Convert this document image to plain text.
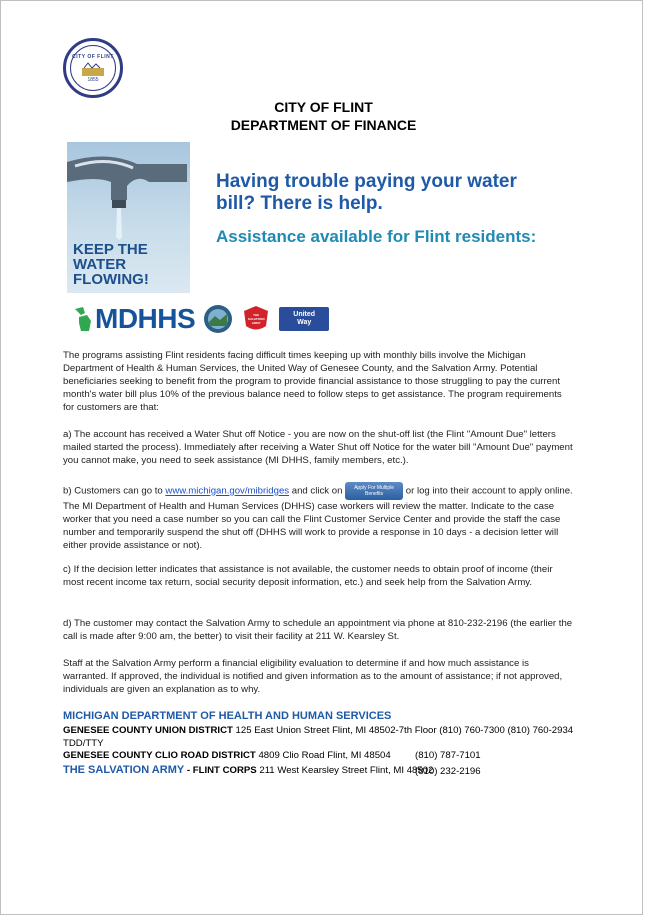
CITY OF FLINT
1855
CITY OF FLINT
DEPARTMENT OF FINANCE
KEEP THE WATER FLOWING!
Having trouble paying your water bill? There is help.
Assistance available for Flint residents:
MDHHS	THE SALVATION ARMY
United Way
The programs assisting Flint residents facing difficult times keeping up with monthly bills involve the Michigan Department of Health & Human Services, the United Way of Genesee County, and the Salvation Army. Potential beneficiaries seeking to benefit from the program to provide financial assistance to those struggling to pay the current month's water bill plus 10% of the previous balance need to follow steps to get assistance. The program requirements for customers are that:
a) The account has received a Water Shut off Notice - you are now on the shut-off list (the Flint "Amount Due" letters mailed started the process). Immediately after receiving a Water Shut off Notice for the water bill "Amount Due" payment you cannot make, you need to seek assistance (MI DHHS, family members, etc.).
b) Customers can go to www.michigan.gov/mibridges and click on Apply For Multiple Benefits or log into their account to apply online. The MI Department of Health and Human Services (DHHS) case workers will review the matter. Indicate to the case worker that you need a case number so you can call the Flint Customer Service Center and provide the staff the case number and temporarily suspend the shut off (DHHS will work to provide a response in 10 days - a decision letter will either provide assistance or not).
c) If the decision letter indicates that assistance is not available, the customer needs to obtain proof of income (their most recent income tax return, social security deposit information, etc.) and seek help from the Salvation Army.
d) The customer may contact the Salvation Army to schedule an appointment via phone at 810-232-2196 (the earlier the call is made after 9:00 am, the better) to visit their facility at 211 W. Kearsley St.
Staff at the Salvation Army perform a financial eligibility evaluation to determine if and how much assistance is warranted. If approved, the individual is notified and given information as to the amount of assistance; if not approved, individuals are given an explanation as to why.
MICHIGAN DEPARTMENT OF HEALTH AND HUMAN SERVICES
GENESEE COUNTY UNION DISTRICT 125 East Union Street Flint, MI 48502-7th Floor (810) 760-7300 (810) 760-2934
TDD/TTY
GENESEE COUNTY CLIO ROAD DISTRICT 4809 Clio Road Flint, MI 48504	(810) 787-7101
THE SALVATION ARMY - FLINT CORPS 211 West Kearsley Street Flint, MI 48502
(810) 232-2196
